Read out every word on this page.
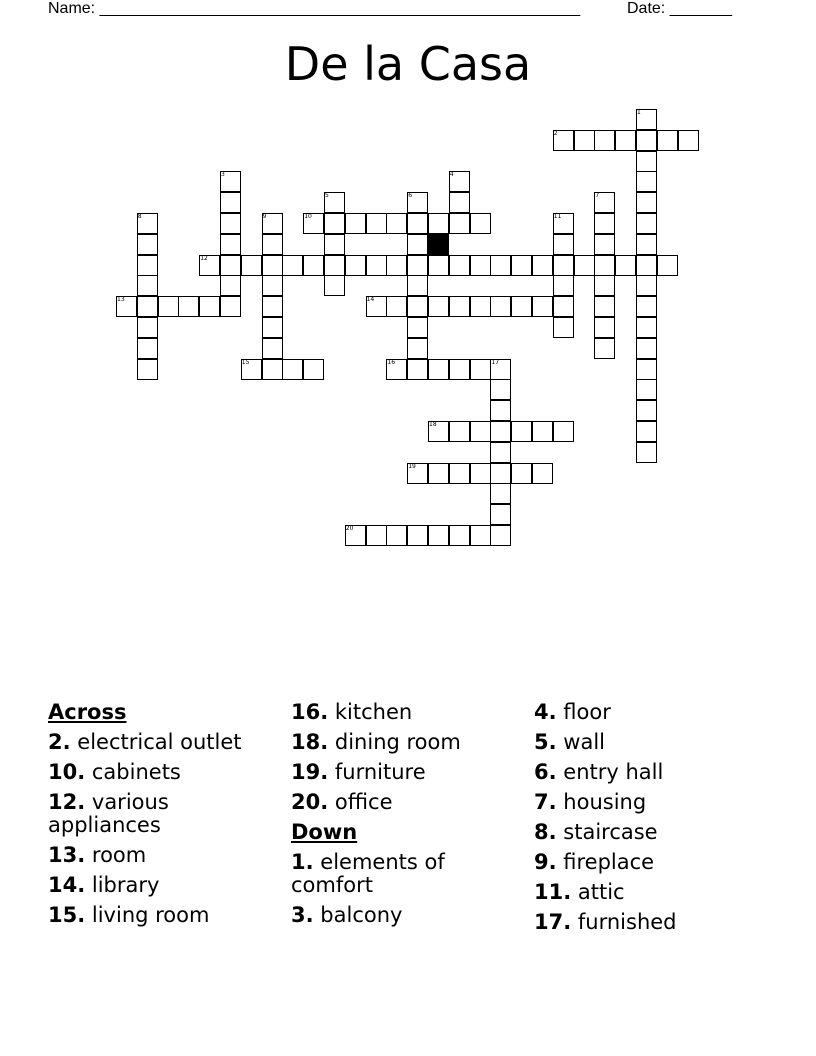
Name: ______________________________________________________	Date: _______
De la Casa
1
2
3	4
5	6	7
8	9	10	11
12
13	14
15	16	17
18
19
20
Across
2. electrical outlet
10. cabinets
12. various appliances
13. room
14. library
15. living room
16. kitchen
18. dining room
19. furniture
20. office
Down
1. elements of comfort
3. balcony
4. floor
5. wall
6. entry hall
7. housing
8. staircase
9. fireplace
11. attic
17. furnished
